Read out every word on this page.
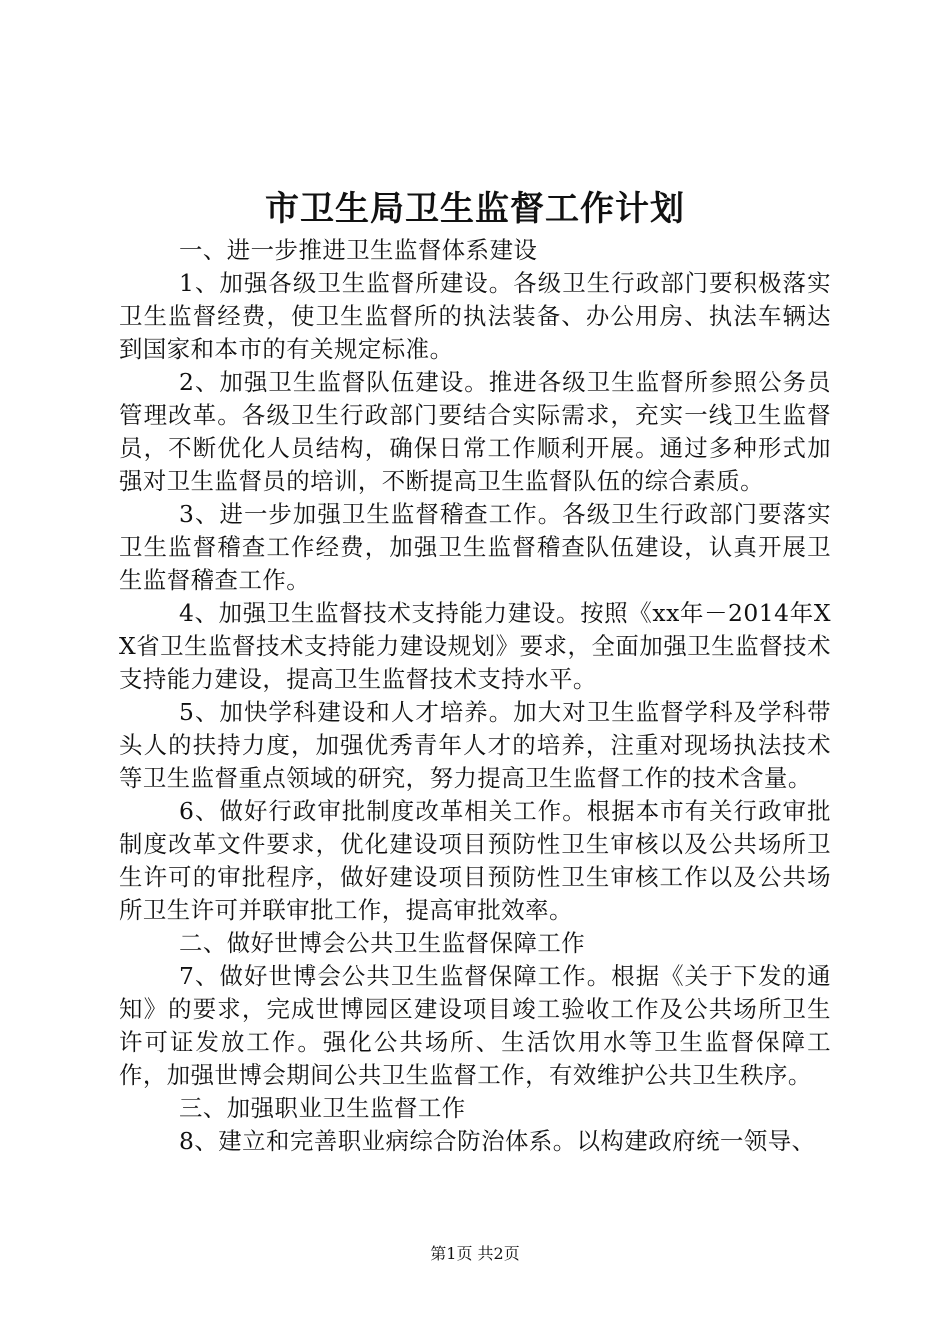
市卫生局卫生监督工作计划

一、进一步推进卫生监督体系建设

1、加强各级卫生监督所建设。各级卫生行政部门要积极落实卫生监督经费，使卫生监督所的执法装备、办公用房、执法车辆达到国家和本市的有关规定标准。

2、加强卫生监督队伍建设。推进各级卫生监督所参照公务员管理改革。各级卫生行政部门要结合实际需求，充实一线卫生监督员，不断优化人员结构，确保日常工作顺利开展。通过多种形式加强对卫生监督员的培训，不断提高卫生监督队伍的综合素质。

3、进一步加强卫生监督稽查工作。各级卫生行政部门要落实卫生监督稽查工作经费，加强卫生监督稽查队伍建设，认真开展卫生监督稽查工作。

4、加强卫生监督技术支持能力建设。按照《xx年－2014年XX省卫生监督技术支持能力建设规划》要求，全面加强卫生监督技术支持能力建设，提高卫生监督技术支持水平。

5、加快学科建设和人才培养。加大对卫生监督学科及学科带头人的扶持力度，加强优秀青年人才的培养，注重对现场执法技术等卫生监督重点领域的研究，努力提高卫生监督工作的技术含量。

6、做好行政审批制度改革相关工作。根据本市有关行政审批制度改革文件要求，优化建设项目预防性卫生审核以及公共场所卫生许可的审批程序，做好建设项目预防性卫生审核工作以及公共场所卫生许可并联审批工作，提高审批效率。

二、做好世博会公共卫生监督保障工作

7、做好世博会公共卫生监督保障工作。根据《关于下发的通知》的要求，完成世博园区建设项目竣工验收工作及公共场所卫生许可证发放工作。强化公共场所、生活饮用水等卫生监督保障工作，加强世博会期间公共卫生监督工作，有效维护公共卫生秩序。

三、加强职业卫生监督工作

8、建立和完善职业病综合防治体系。以构建政府统一领导、

第1页 共2页
